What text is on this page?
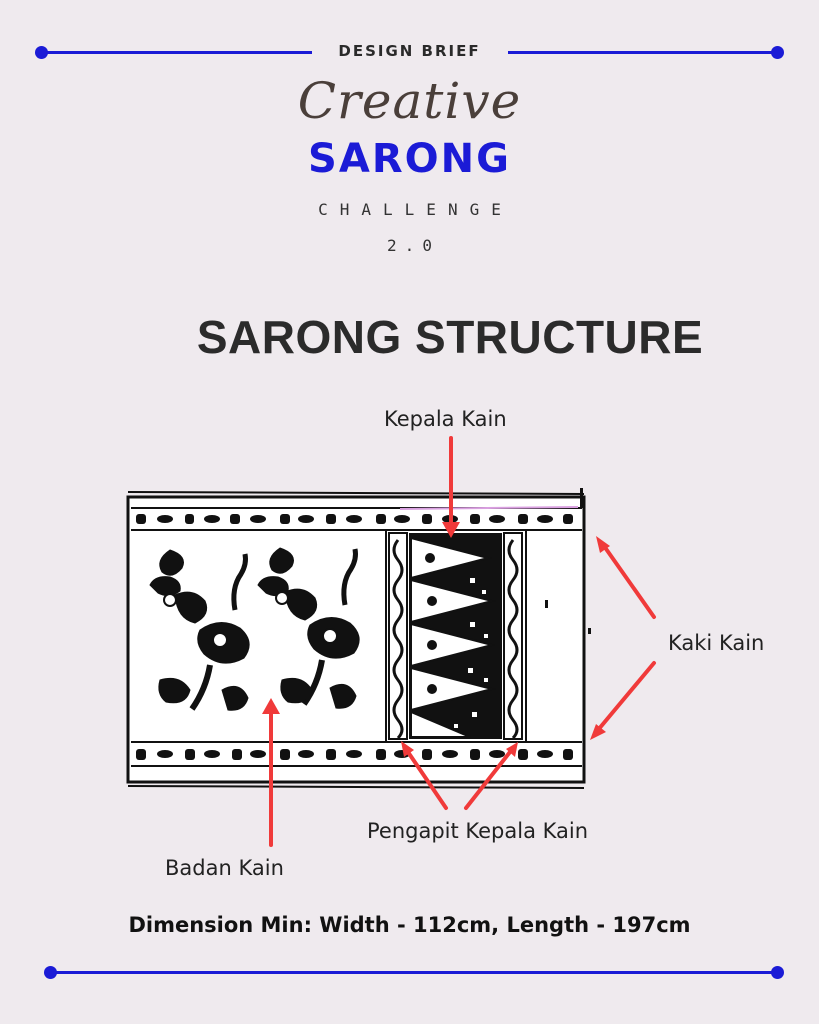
DESIGN BRIEF
Creative
SARONG
CHALLENGE
2.0
SARONG STRUCTURE
Kepala Kain
Kaki Kain
Pengapit Kepala Kain
Badan Kain
Dimension Min: Width - 112cm, Length - 197cm
